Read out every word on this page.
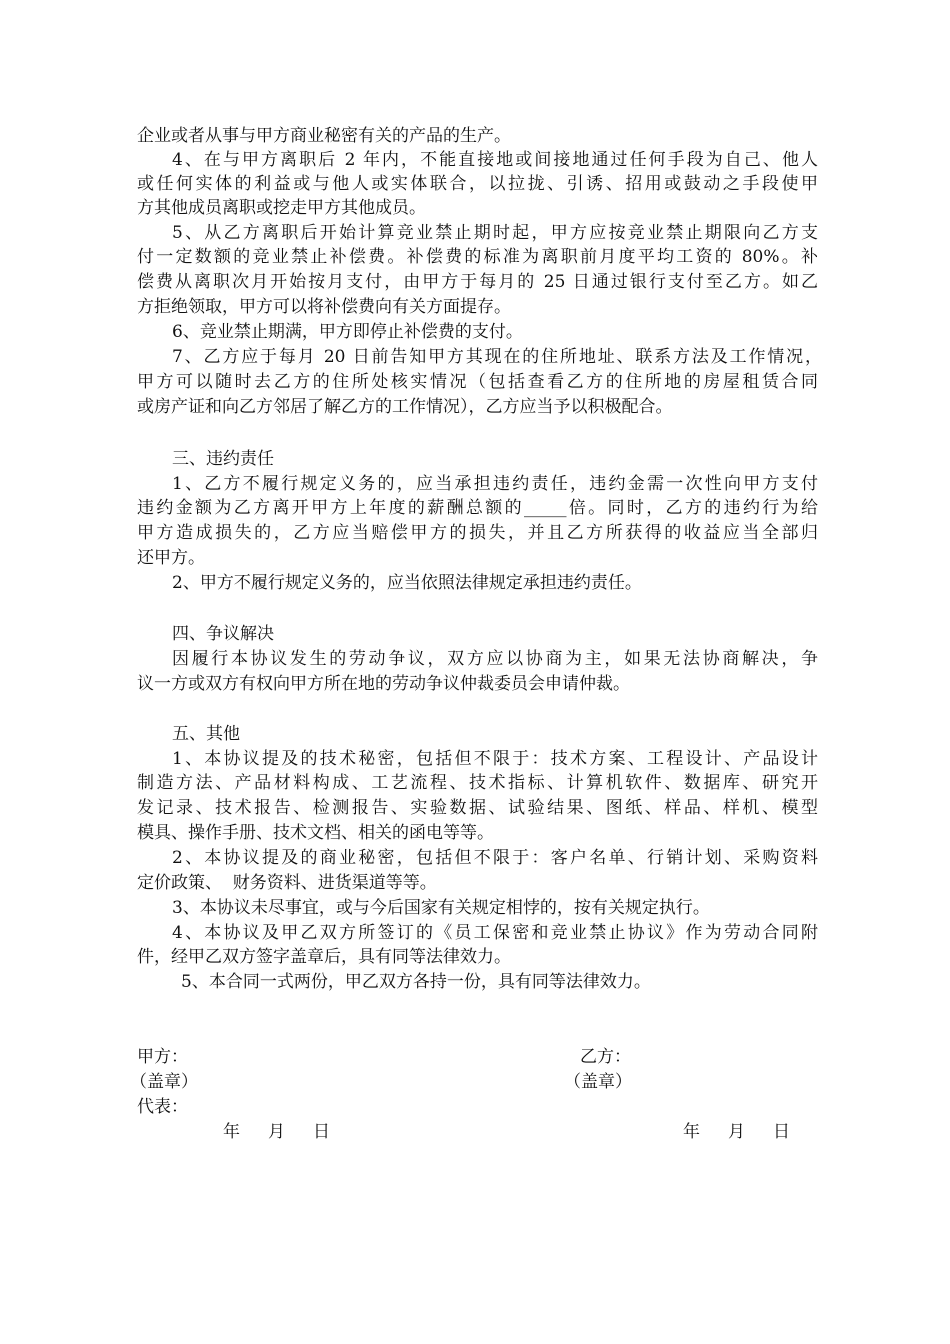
企业或者从事与甲方商业秘密有关的产品的生产。

4、在与甲方离职后 2 年内，不能直接地或间接地通过任何手段为自己、他人

或任何实体的利益或与他人或实体联合，以拉拢、引诱、招用或鼓动之手段使甲

方其他成员离职或挖走甲方其他成员。

5、从乙方离职后开始计算竞业禁止期时起，甲方应按竞业禁止期限向乙方支

付一定数额的竞业禁止补偿费。补偿费的标准为离职前月度平均工资的 80%。补

偿费从离职次月开始按月支付，由甲方于每月的 25 日通过银行支付至乙方。如乙

方拒绝领取，甲方可以将补偿费向有关方面提存。

6、竞业禁止期满，甲方即停止补偿费的支付。

7、乙方应于每月 20 日前告知甲方其现在的住所地址、联系方法及工作情况，

甲方可以随时去乙方的住所处核实情况（包括查看乙方的住所地的房屋租赁合同

或房产证和向乙方邻居了解乙方的工作情况），乙方应当予以积极配合。

三、违约责任

1、乙方不履行规定义务的，应当承担违约责任，违约金需一次性向甲方支付

违约金额为乙方离开甲方上年度的薪酬总额的_____倍。同时，乙方的违约行为给

甲方造成损失的，乙方应当赔偿甲方的损失，并且乙方所获得的收益应当全部归

还甲方。

2、甲方不履行规定义务的，应当依照法律规定承担违约责任。

四、争议解决

因履行本协议发生的劳动争议，双方应以协商为主，如果无法协商解决，争

议一方或双方有权向甲方所在地的劳动争议仲裁委员会申请仲裁。

五、其他

1、本协议提及的技术秘密，包括但不限于：技术方案、工程设计、产品设计

制造方法、产品材料构成、工艺流程、技术指标、计算机软件、数据库、研究开

发记录、技术报告、检测报告、实验数据、试验结果、图纸、样品、样机、模型

模具、操作手册、技术文档、相关的函电等等。

2、本协议提及的商业秘密，包括但不限于：客户名单、行销计划、采购资料

定价政策、  财务资料、进货渠道等等。

3、本协议未尽事宜，或与今后国家有关规定相悖的，按有关规定执行。

4、本协议及甲乙双方所签订的《员工保密和竞业禁止协议》作为劳动合同附

件，经甲乙双方签字盖章后，具有同等法律效力。

5、本合同一式两份，甲乙双方各持一份，具有同等法律效力。

甲方：
（盖章）
代表：
乙方：
（盖章）
年 月 日	年 月 日
